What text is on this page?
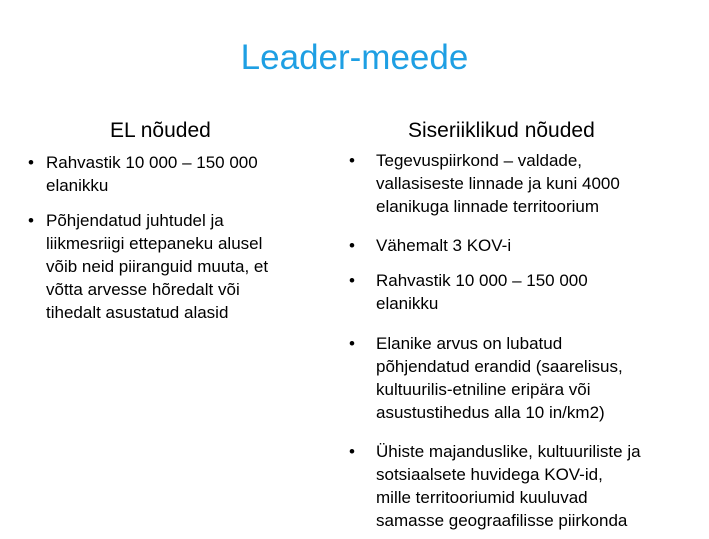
Leader-meede
EL nõuded	Siseriiklikud nõuded
• Rahvastik 10 000 – 150 000
elanikku
• Põhjendatud juhtudel ja
liikmesriigi ettepaneku alusel
võib neid piiranguid muuta, et
võtta arvesse hõredalt või
tihedalt asustatud alasid
• Tegevuspiirkond – valdade,
vallasiseste linnade ja kuni 4000
elanikuga linnade territoorium
• Vähemalt 3 KOV-i
• Rahvastik 10 000 – 150 000
elanikku
• Elanike arvus on lubatud
põhjendatud erandid (saarelisus,
kultuurilis-etniline eripära või
asustustihedus alla 10 in/km2)
• Ühiste majanduslike, kultuuriliste ja
sotsiaalsete huvidega KOV-id,
mille territooriumid kuuluvad
samasse geograafilisse piirkonda
